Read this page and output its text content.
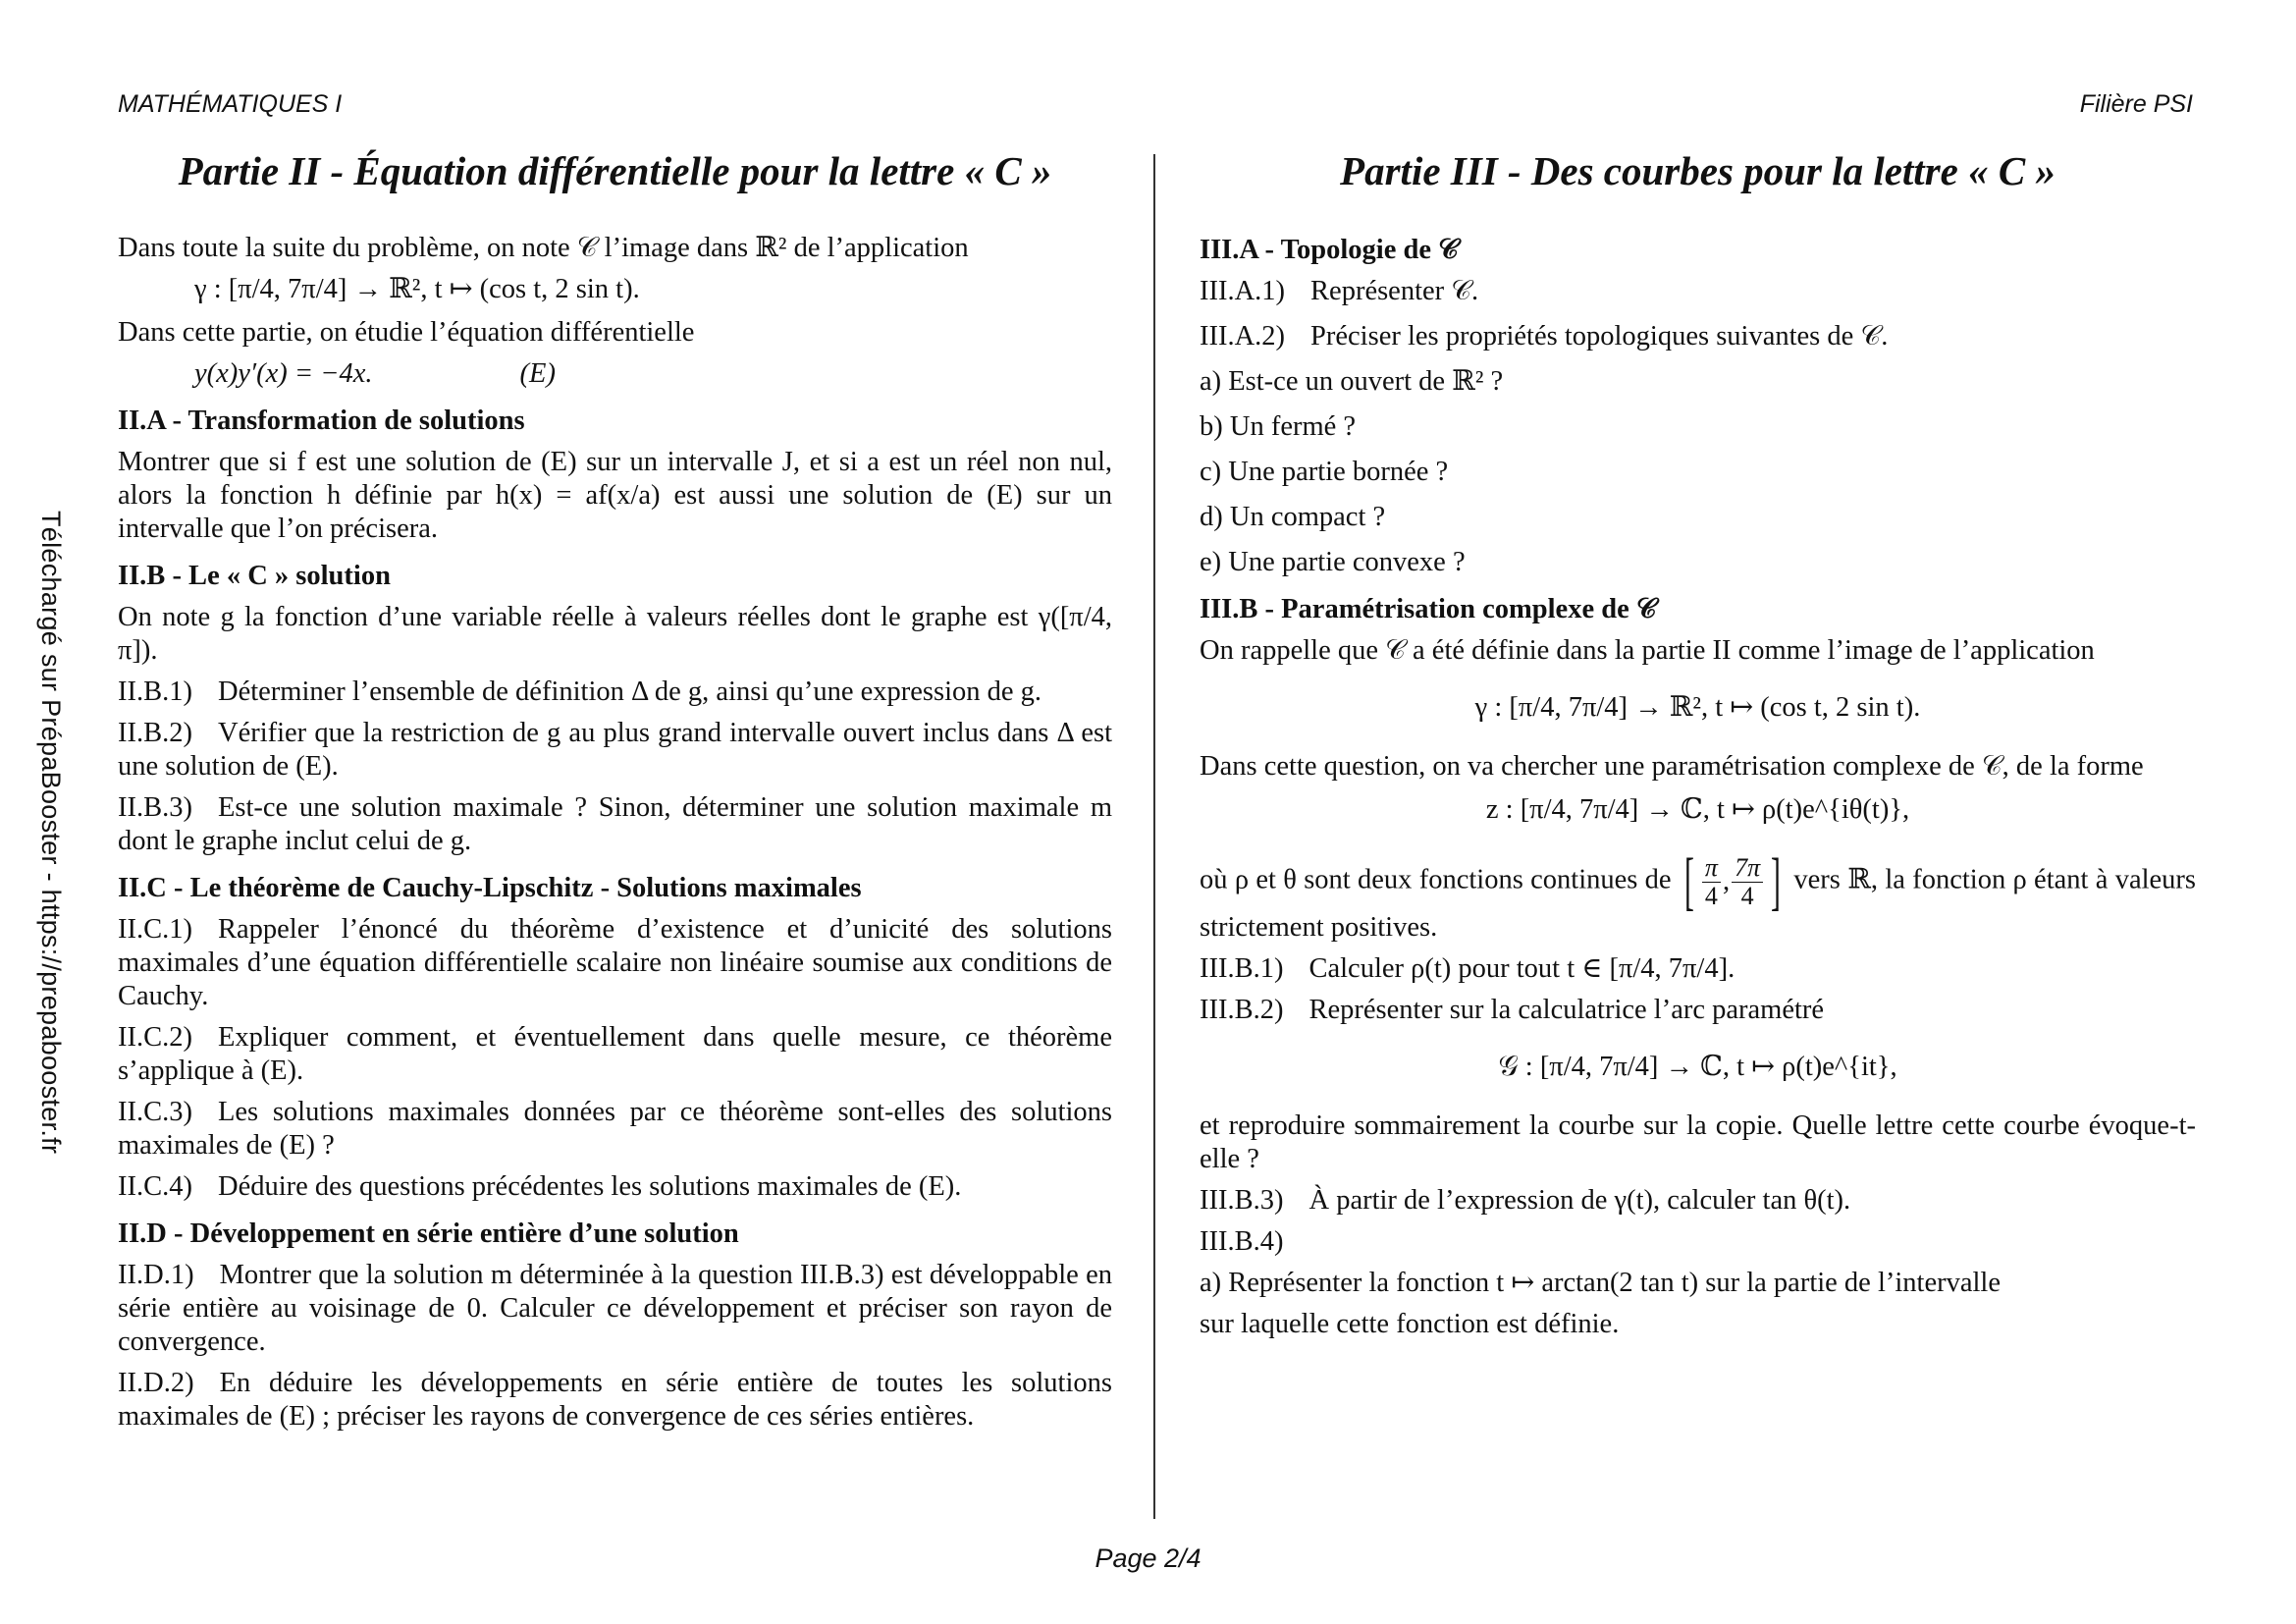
MATHÉMATIQUES I	Filière PSI
Téléchargé sur PrépaBooster - https://prepabooster.fr
Partie II - Équation différentielle pour la lettre « C »

Dans toute la suite du problème, on note 𝒞 l’image dans ℝ² de l’application

γ : [π/4, 7π/4] → ℝ², t ↦ (cos t, 2 sin t).

Dans cette partie, on étudie l’équation différentielle

y(x)y′(x) = −4x.	(E)
II.A - Transformation de solutions

Montrer que si f est une solution de (E) sur un intervalle J, et si a est un réel non nul, alors la fonction h définie par h(x) = af(x/a) est aussi une solution de (E) sur un intervalle que l’on précisera.

II.B - Le « C » solution

On note g la fonction d’une variable réelle à valeurs réelles dont le graphe est γ([π/4, π]).

II.B.1) Déterminer l’ensemble de définition Δ de g, ainsi qu’une expression de g.

II.B.2) Vérifier que la restriction de g au plus grand intervalle ouvert inclus dans Δ est une solution de (E).

II.B.3) Est-ce une solution maximale ? Sinon, déterminer une solution maximale m dont le graphe inclut celui de g.

II.C - Le théorème de Cauchy-Lipschitz - Solutions maximales

II.C.1) Rappeler l’énoncé du théorème d’existence et d’unicité des solutions maximales d’une équation différentielle scalaire non linéaire soumise aux conditions de Cauchy.

II.C.2) Expliquer comment, et éventuellement dans quelle mesure, ce théorème s’applique à (E).

II.C.3) Les solutions maximales données par ce théorème sont-elles des solutions maximales de (E) ?

II.C.4) Déduire des questions précédentes les solutions maximales de (E).

II.D - Développement en série entière d’une solution

II.D.1) Montrer que la solution m déterminée à la question III.B.3) est développable en série entière au voisinage de 0. Calculer ce développement et préciser son rayon de convergence.

II.D.2) En déduire les développements en série entière de toutes les solutions maximales de (E) ; préciser les rayons de convergence de ces séries entières.

Partie III - Des courbes pour la lettre « C »
III.A - Topologie de 𝒞

III.A.1) Représenter 𝒞.

III.A.2) Préciser les propriétés topologiques suivantes de 𝒞.

a) Est-ce un ouvert de ℝ² ?

b) Un fermé ?

c) Une partie bornée ?

d) Un compact ?

e) Une partie convexe ?

III.B - Paramétrisation complexe de 𝒞

On rappelle que 𝒞 a été définie dans la partie II comme l’image de l’application

γ : [π/4, 7π/4] → ℝ², t ↦ (cos t, 2 sin t).

Dans cette question, on va chercher une paramétrisation complexe de 𝒞, de la forme

z : [π/4, 7π/4] → ℂ, t ↦ ρ(t)e^{iθ(t)},

où ρ et θ sont deux fonctions continues de [ $\frac{\pi}{4}$ , $\frac{7\pi}{4}$ ] vers ℝ, la fonction ρ étant à valeurs strictement positives.

III.B.1) Calculer ρ(t) pour tout t ∈ [π/4, 7π/4].

III.B.2) Représenter sur la calculatrice l’arc paramétré

𝒢 : [π/4, 7π/4] → ℂ, t ↦ ρ(t)e^{it},

et reproduire sommairement la courbe sur la copie. Quelle lettre cette courbe évoque-t-elle ?

III.B.3) À partir de l’expression de γ(t), calculer tan θ(t).

III.B.4)

a) Représenter la fonction t ↦ arctan(2 tan t) sur la partie de l’intervalle

sur laquelle cette fonction est définie.

Page 2/4
